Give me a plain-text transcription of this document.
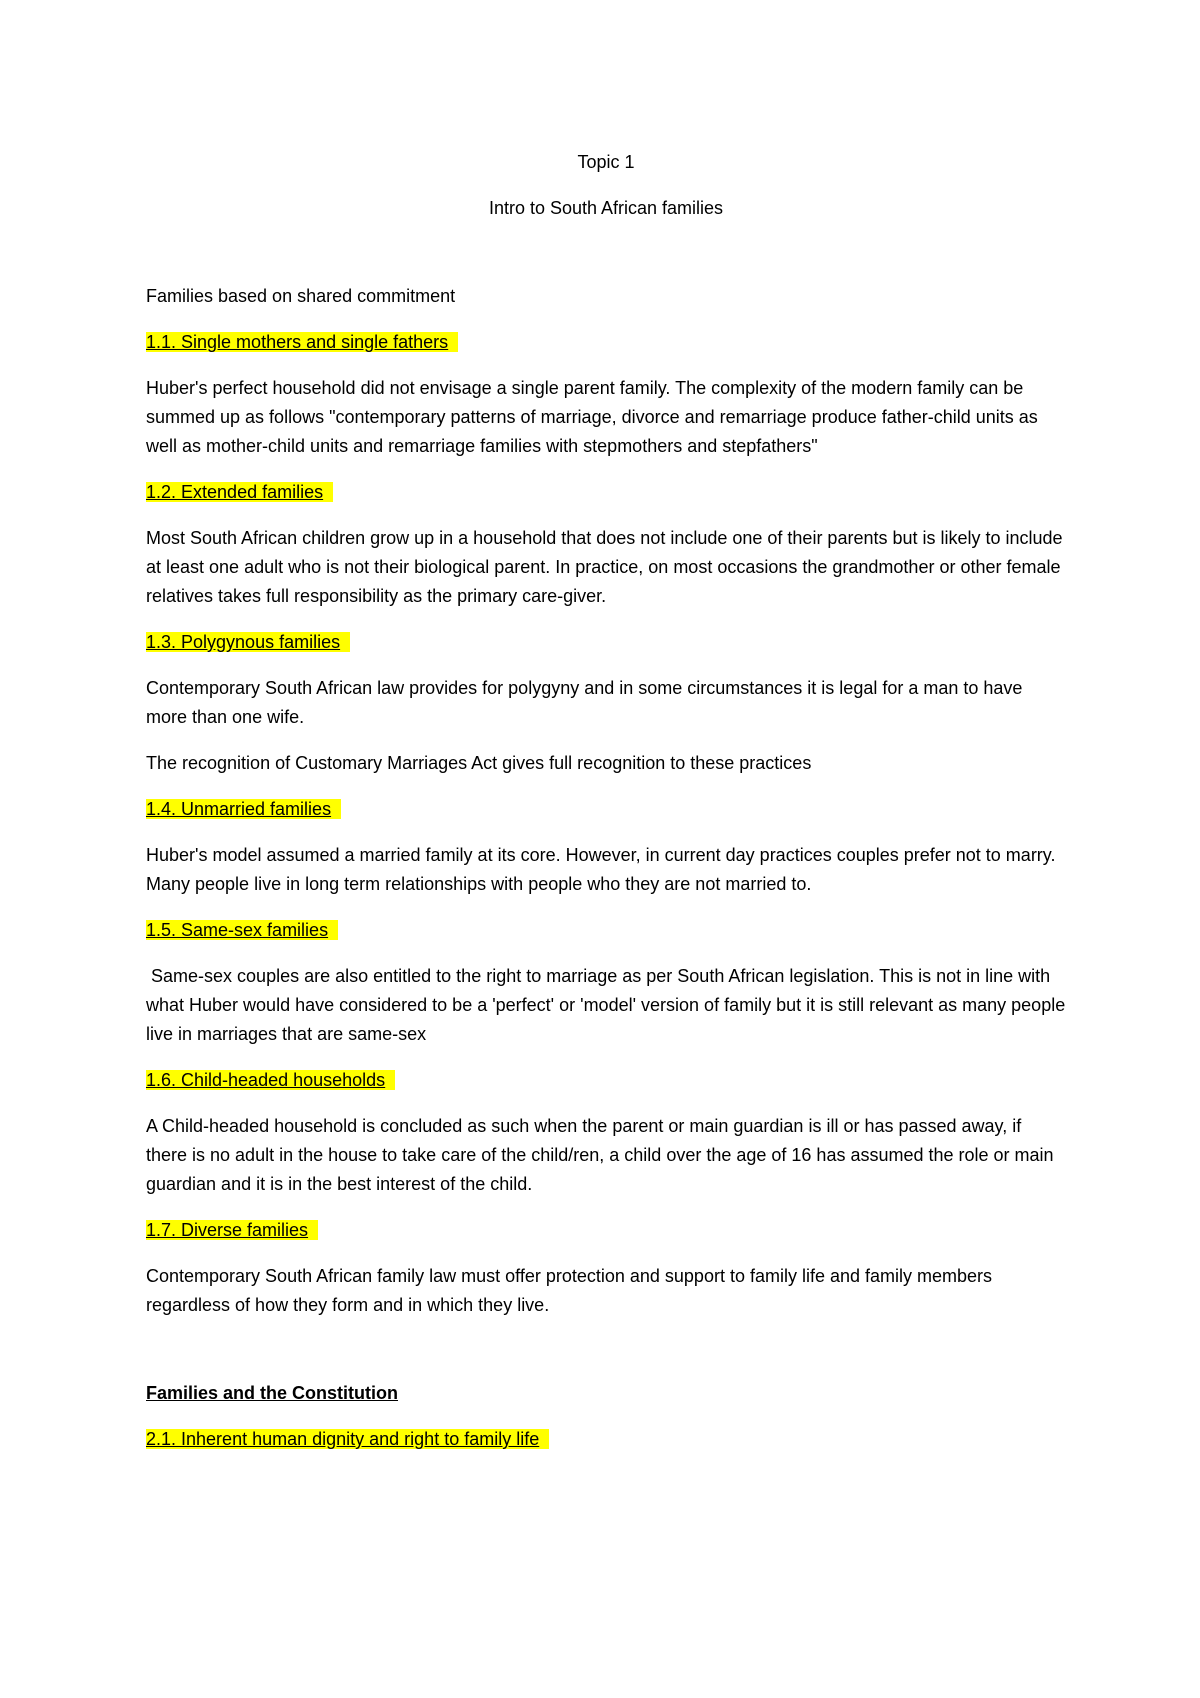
Topic 1

Intro to South African families

Families based on shared commitment

1.1. Single mothers and single fathers

Huber's perfect household did not envisage a single parent family. The complexity of the modern family can be summed up as follows "contemporary patterns of marriage, divorce and remarriage produce father-child units as well as mother-child units and remarriage families with stepmothers and stepfathers"

1.2. Extended families

Most South African children grow up in a household that does not include one of their parents but is likely to include at least one adult who is not their biological parent. In practice, on most occasions the grandmother or other female relatives takes full responsibility as the primary care-giver.

1.3. Polygynous families

Contemporary South African law provides for polygyny and in some circumstances it is legal for a man to have more than one wife.

The recognition of Customary Marriages Act gives full recognition to these practices

1.4. Unmarried families

Huber's model assumed a married family at its core. However, in current day practices couples prefer not to marry. Many people live in long term relationships with people who they are not married to.

1.5. Same-sex families

Same-sex couples are also entitled to the right to marriage as per South African legislation. This is not in line with what Huber would have considered to be a 'perfect' or 'model' version of family but it is still relevant as many people live in marriages that are same-sex

1.6. Child-headed households

A Child-headed household is concluded as such when the parent or main guardian is ill or has passed away, if there is no adult in the house to take care of the child/ren, a child over the age of 16 has assumed the role or main guardian and it is in the best interest of the child.

1.7. Diverse families

Contemporary South African family law must offer protection and support to family life and family members regardless of how they form and in which they live.

Families and the Constitution

2.1. Inherent human dignity and right to family life
